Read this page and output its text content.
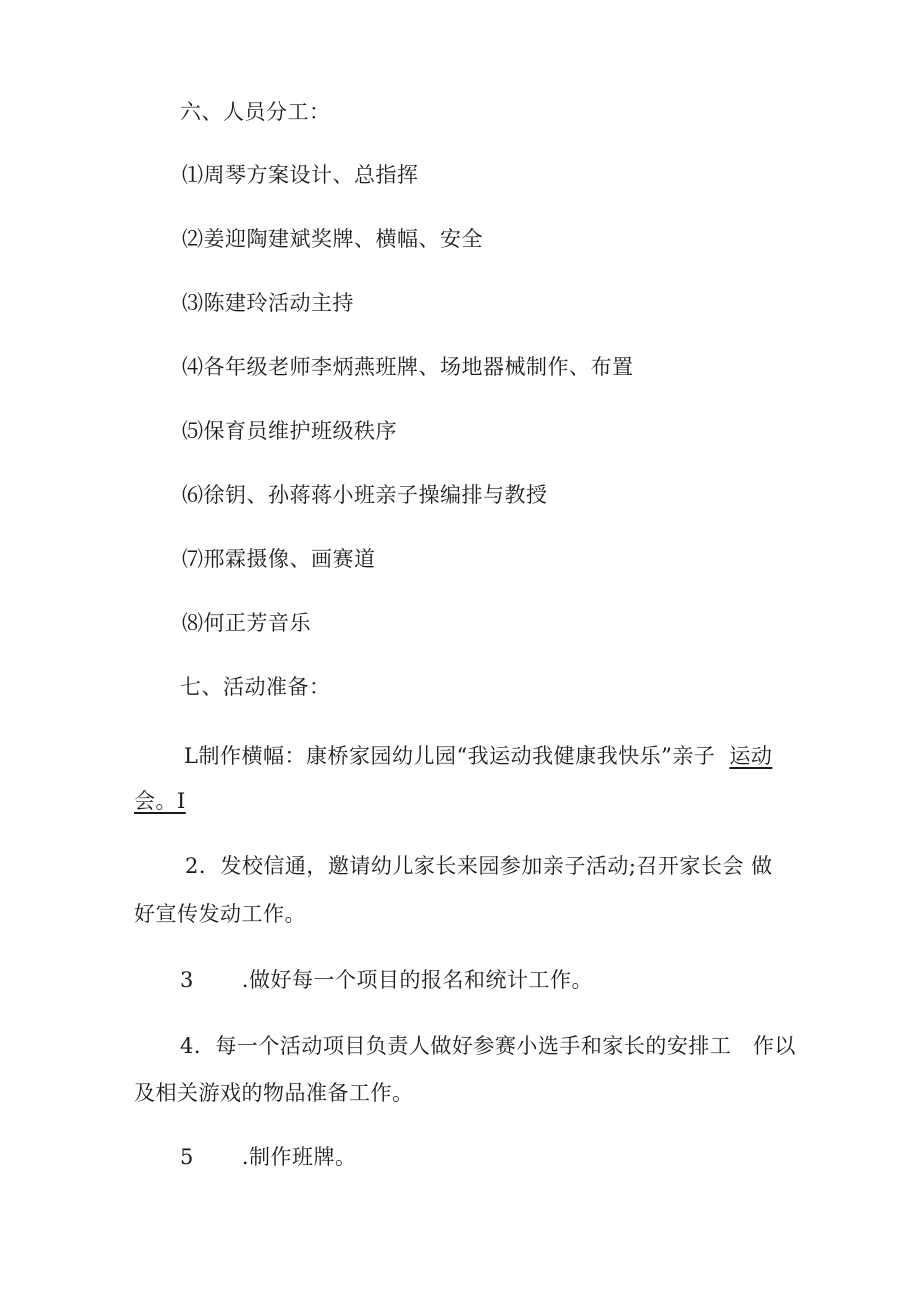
六、人员分工：
⑴周琴方案设计、总指挥
⑵姜迎陶建斌奖牌、横幅、安全
⑶陈建玲活动主持
⑷各年级老师李炳燕班牌、场地器械制作、布置
⑸保育员维护班级秩序
⑹徐钥、孙蒋蒋小班亲子操编排与教授
⑺邢霖摄像、画赛道
⑻何正芳音乐
七、活动准备：
L制作横幅：康桥家园幼儿园“我运动我健康我快乐”亲子 运动
会。I
2．发校信通，邀请幼儿家长来园参加亲子活动;召开家长会 做
好宣传发动工作。
3 .做好每一个项目的报名和统计工作。
4．每一个活动项目负责人做好参赛小选手和家长的安排工　作以
及相关游戏的物品准备工作。
5 .制作班牌。
